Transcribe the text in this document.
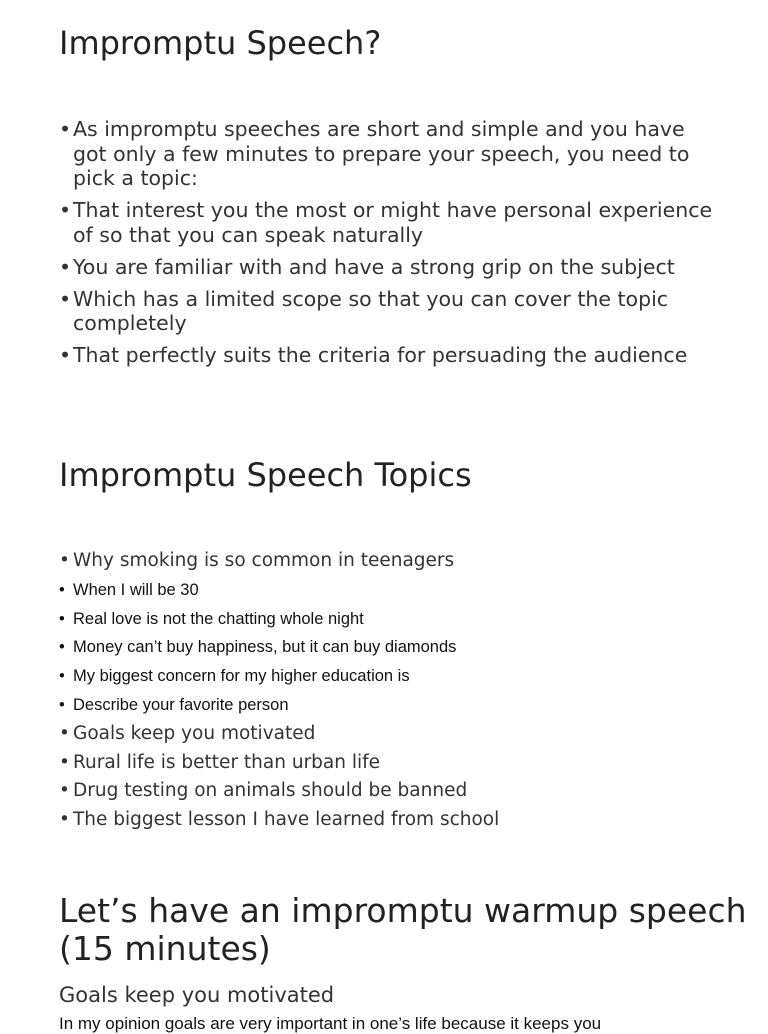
Impromptu Speech?
• As impromptu speeches are short and simple and you have got only a few minutes to prepare your speech, you need to pick a topic:
• That interest you the most or might have personal experience of so that you can speak naturally
• You are familiar with and have a strong grip on the subject
• Which has a limited scope so that you can cover the topic completely
• That perfectly suits the criteria for persuading the audience
Impromptu Speech Topics
• Why smoking is so common in teenagers
• When I will be 30
• Real love is not the chatting whole night
• Money can’t buy happiness, but it can buy diamonds
• My biggest concern for my higher education is
• Describe your favorite person
• Goals keep you motivated
• Rural life is better than urban life
• Drug testing on animals should be banned
• The biggest lesson I have learned from school
Let’s have an impromptu warmup speech (15 minutes)

Goals keep you motivated

In my opinion goals are very important in one’s life because it keeps you
